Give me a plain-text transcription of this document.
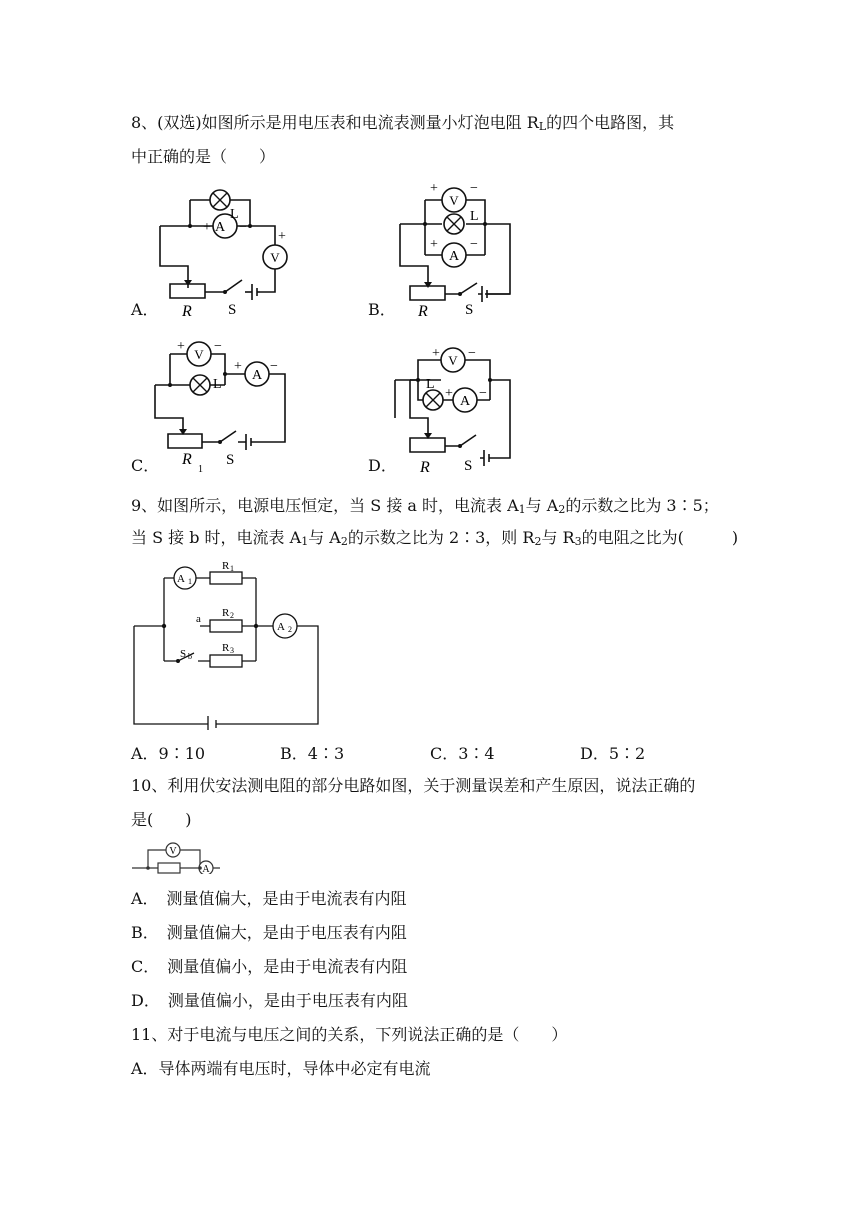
8、(双选)如图所示是用电压表和电流表测量小灯泡电阻 $R_L$的四个电路图，其
中正确的是（　　）
A
V
L
+ −
+
R S
A．
V
A
L
+ −
+ −
R S
B．
V
A
L
+ −
+ −
R
1
S
C．
V
A
L
+ −
+ −
R S
D．
9、如图所示，电源电压恒定，当 S 接 a 时，电流表 $A_1$与 $A_2$的示数之比为 3∶5；
当 S 接 b 时，电流表 $A_1$与 $A_2$的示数之比为 2∶3，则 $R_2$与 $R_3$的电阻之比为(　　　)
A 1
A 2
R 1
R 2
R 3
a
S b
A．9∶10	B．4∶3	C．3∶4	D．5∶2
10、利用伏安法测电阻的部分电路如图，关于测量误差和产生原因，说法正确的
是(　　)
V
A
A．　测量值偏大，是由于电流表有内阻
B．　测量值偏大，是由于电压表有内阻
C．　测量值偏小，是由于电流表有内阻
D．　测量值偏小，是由于电压表有内阻
11、对于电流与电压之间的关系，下列说法正确的是（　　）
A．导体两端有电压时，导体中必定有电流
